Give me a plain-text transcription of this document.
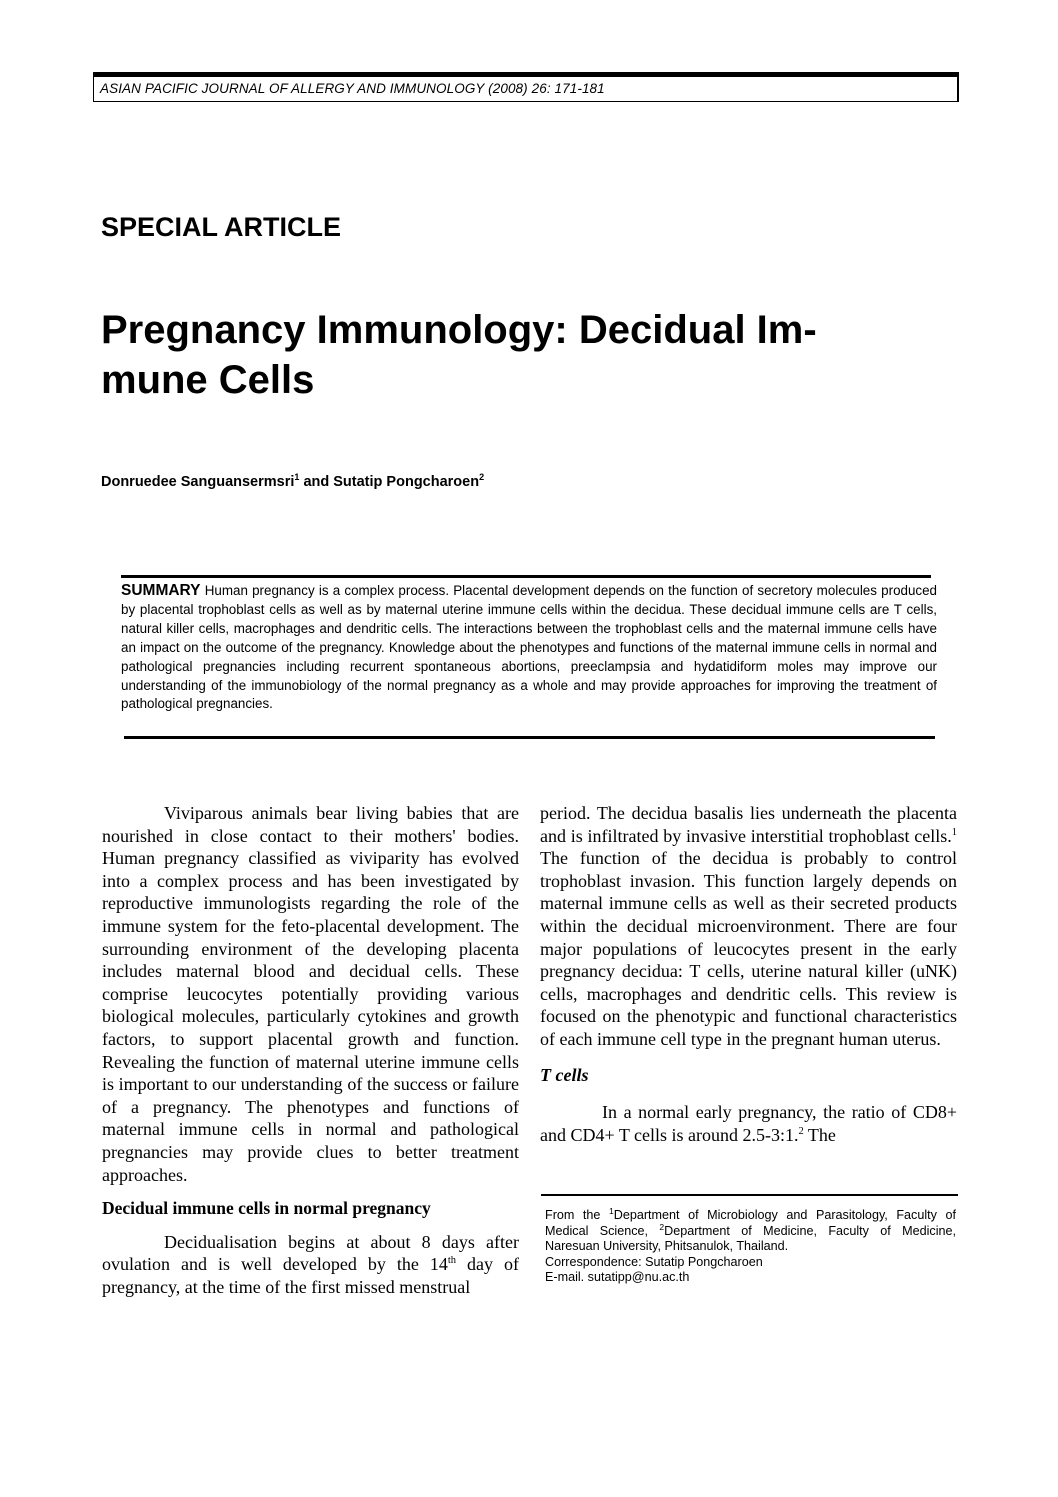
ASIAN PACIFIC JOURNAL OF ALLERGY AND IMMUNOLOGY (2008) 26: 171-181
SPECIAL ARTICLE
Pregnancy Immunology: Decidual Im-
mune Cells
Donruedee Sanguansermsri$^1$ and Sutatip Pongcharoen$^2$
SUMMARY Human pregnancy is a complex process. Placental development depends on the function of secretory molecules produced by placental trophoblast cells as well as by maternal uterine immune cells within the decidua. These decidual immune cells are T cells, natural killer cells, macrophages and dendritic cells. The interactions between the trophoblast cells and the maternal immune cells have an impact on the outcome of the pregnancy. Knowledge about the phenotypes and functions of the maternal immune cells in normal and pathological pregnancies including recurrent spontaneous abortions, preeclampsia and hydatidiform moles may improve our understanding of the immunobiology of the normal pregnancy as a whole and may provide approaches for improving the treatment of pathological pregnancies.

Viviparous animals bear living babies that are nourished in close contact to their mothers' bodies. Human pregnancy classified as viviparity has evolved into a complex process and has been investigated by reproductive immunologists regarding the role of the immune system for the feto-placental development. The surrounding environment of the developing placenta includes maternal blood and decidual cells. These comprise leucocytes potentially providing various biological molecules, particularly cytokines and growth factors, to support placental growth and function. Revealing the function of maternal uterine immune cells is important to our understanding of the success or failure of a pregnancy. The phenotypes and functions of maternal immune cells in normal and pathological pregnancies may provide clues to better treatment approaches.

Decidual immune cells in normal pregnancy

Decidualisation begins at about 8 days after ovulation and is well developed by the 14th day of pregnancy, at the time of the first missed menstrual

period. The decidua basalis lies underneath the placenta and is infiltrated by invasive interstitial trophoblast cells.$^1$ The function of the decidua is probably to control trophoblast invasion. This function largely depends on maternal immune cells as well as their secreted products within the decidual microenvironment. There are four major populations of leucocytes present in the early pregnancy decidua: T cells, uterine natural killer (uNK) cells, macrophages and dendritic cells. This review is focused on the phenotypic and functional characteristics of each immune cell type in the pregnant human uterus.

T cells

In a normal early pregnancy, the ratio of CD8+ and CD4+ T cells is around 2.5-3:1.$^2$ The

From the $^1$Department of Microbiology and Parasitology, Faculty of Medical Science, $^2$Department of Medicine, Faculty of Medicine, Naresuan University, Phitsanulok, Thailand.
Correspondence: Sutatip Pongcharoen
E-mail. sutatipp@nu.ac.th
